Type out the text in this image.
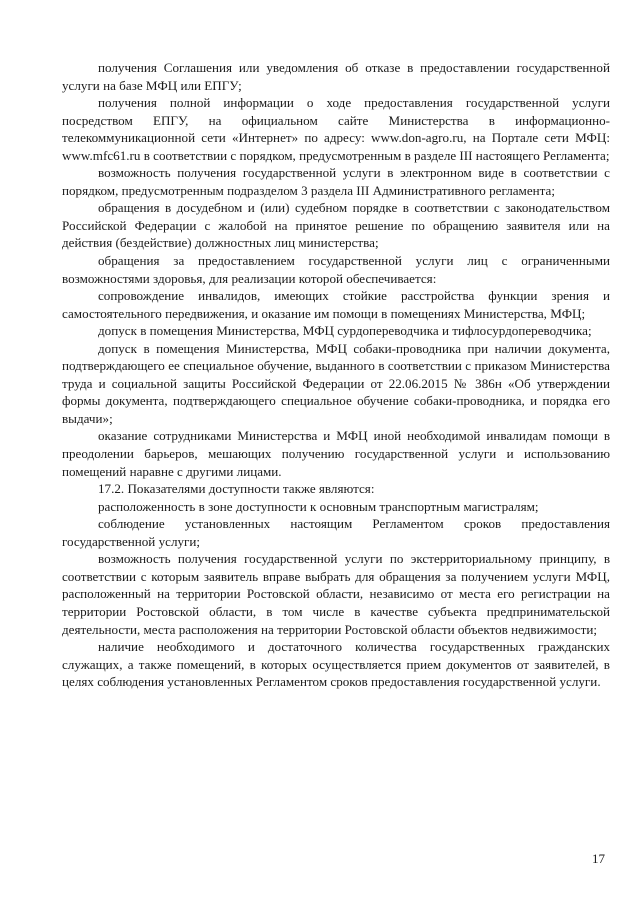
получения Соглашения или уведомления об отказе в предоставлении государственной услуги на базе МФЦ или ЕПГУ;

получения полной информации о ходе предоставления государственной услуги посредством ЕПГУ, на официальном сайте Министерства в информационно-телекоммуникационной сети «Интернет» по адресу: www.don-agro.ru, на Портале сети МФЦ: www.mfc61.ru в соответствии с порядком, предусмотренным в разделе III настоящего Регламента;

возможность получения государственной услуги в электронном виде в соответствии с порядком, предусмотренным подразделом 3 раздела III Административного регламента;

обращения в досудебном и (или) судебном порядке в соответствии с законодательством Российской Федерации с жалобой на принятое решение по обращению заявителя или на действия (бездействие) должностных лиц министерства;

обращения за предоставлением государственной услуги лиц с ограниченными возможностями здоровья, для реализации которой обеспечивается:

сопровождение инвалидов, имеющих стойкие расстройства функции зрения и самостоятельного передвижения, и оказание им помощи в помещениях Министерства, МФЦ;

допуск в помещения Министерства, МФЦ сурдопереводчика и тифлосурдопереводчика;

допуск в помещения Министерства, МФЦ собаки-проводника при наличии документа, подтверждающего ее специальное обучение, выданного в соответствии с приказом Министерства труда и социальной защиты Российской Федерации от 22.06.2015 № 386н «Об утверждении формы документа, подтверждающего специальное обучение собаки-проводника, и порядка его выдачи»;

оказание сотрудниками Министерства и МФЦ иной необходимой инвалидам помощи в преодолении барьеров, мешающих получению государственной услуги и использованию помещений наравне с другими лицами.

17.2. Показателями доступности также являются:

расположенность в зоне доступности к основным транспортным магистралям;

соблюдение установленных настоящим Регламентом сроков предоставления государственной услуги;

возможность получения государственной услуги по экстерриториальному принципу, в соответствии с которым заявитель вправе выбрать для обращения за получением услуги МФЦ, расположенный на территории Ростовской области, независимо от места его регистрации на территории Ростовской области, в том числе в качестве субъекта предпринимательской деятельности, места расположения на территории Ростовской области объектов недвижимости;

наличие необходимого и достаточного количества государственных гражданских служащих, а также помещений, в которых осуществляется прием документов от заявителей, в целях соблюдения установленных Регламентом сроков предоставления государственной услуги.

17
